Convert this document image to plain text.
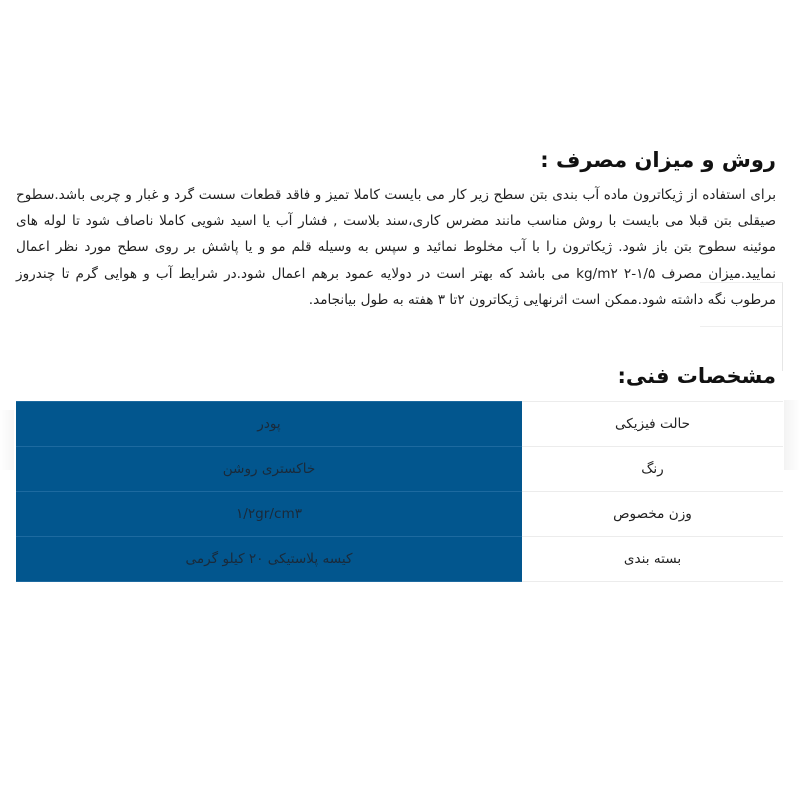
روش و میزان مصرف :

برای استفاده از ژیکاترون ماده آب بندی بتن سطح زیر کار می بایست کاملا تمیز و فاقد قطعات سست گرد و غبار و چربی باشد.سطوح صیقلی بتن قبلا می بایست با روش مناسب مانند مضرس کاری،سند بلاست , فشار آب یا اسید شویی کاملا ناصاف شود تا لوله های موئینه سطوح بتن باز شود. ژیکاترون را با آب مخلوط نمائید و سپس به وسیله قلم مو و یا پاشش بر روی سطح مورد نظر اعمال نمایید.میزان مصرف ۱/۵-۲ kg/m۲ می باشد که بهتر است در دولایه عمود برهم اعمال شود.در شرایط آب و هوایی گرم تا چندروز مرطوب نگه داشته شود.ممکن است اثرنهایی ژیکاترون ۲تا ۳ هفته به طول بیانجامد.

مشخصات فنی:
حالت فیزیکی	پودر
رنگ	خاکستری روشن
وزن مخصوص	۱/۲gr/cm۳
بسته بندی	کیسه پلاستیکی ۲۰ کیلو گرمی
